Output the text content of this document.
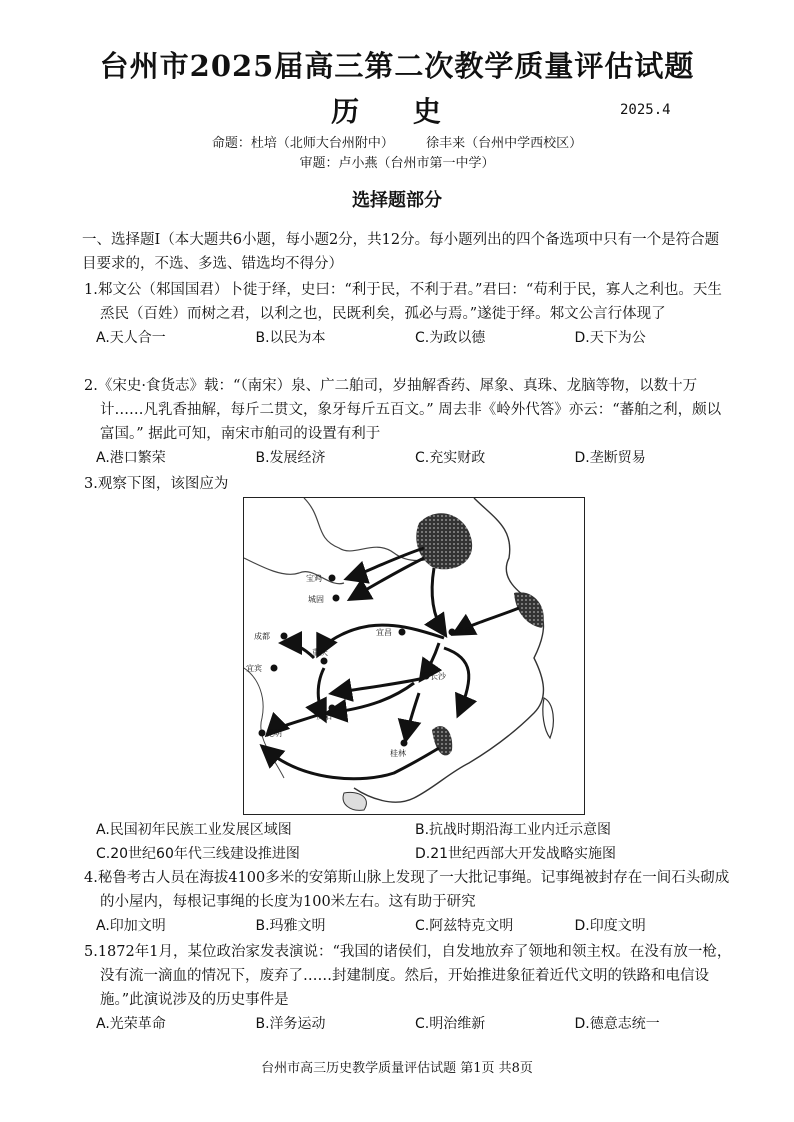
台州市2025届高三第二次教学质量评估试题
历 史	2025.4
命题：杜培（北师大台州附中） 徐丰来（台州中学西校区）
审题：卢小燕（台州市第一中学）
选择题部分
一、选择题Ⅰ（本大题共6小题，每小题2分，共12分。每小题列出的四个备选项中只有一个是符合题目要求的，不选、多选、错选均不得分）
1.邾文公（邾国国君）卜徙于绎，史曰：“利于民，不利于君。”君曰：“苟利于民，寡人之利也。天生烝民（百姓）而树之君，以利之也，民既利矣，孤必与焉。”遂徙于绎。邾文公言行体现了
A.天人合一	B.以民为本	C.为政以德	D.天下为公
2.《宋史·食货志》载：“（南宋）泉、广二舶司，岁抽解香药、犀象、真珠、龙脑等物，以数十万计……凡乳香抽解，每斤二贯文，象牙每斤五百文。” 周去非《岭外代答》亦云：“蕃舶之利，颇以富国。” 据此可知，南宋市舶司的设置有利于
A.港口繁荣	B.发展经济	C.充实财政	D.垄断贸易
3.观察下图，该图应为
宝鸡
城固
成都
宜宾
重庆
宜昌	武昌
长沙
贵阳
桂林
昆明
A.民国初年民族工业发展区域图	B.抗战时期沿海工业内迁示意图
C.20世纪60年代三线建设推进图	D.21世纪西部大开发战略实施图
4.秘鲁考古人员在海拔4100多米的安第斯山脉上发现了一大批记事绳。记事绳被封存在一间石头砌成的小屋内，每根记事绳的长度为100米左右。这有助于研究
A.印加文明	B.玛雅文明	C.阿兹特克文明	D.印度文明
5.1872年1月，某位政治家发表演说：“我国的诸侯们，自发地放弃了领地和领主权。在没有放一枪，没有流一滴血的情况下，废弃了……封建制度。然后，开始推进象征着近代文明的铁路和电信设施。”此演说涉及的历史事件是
A.光荣革命	B.洋务运动	C.明治维新	D.德意志统一
台州市高三历史教学质量评估试题 第1页 共8页
